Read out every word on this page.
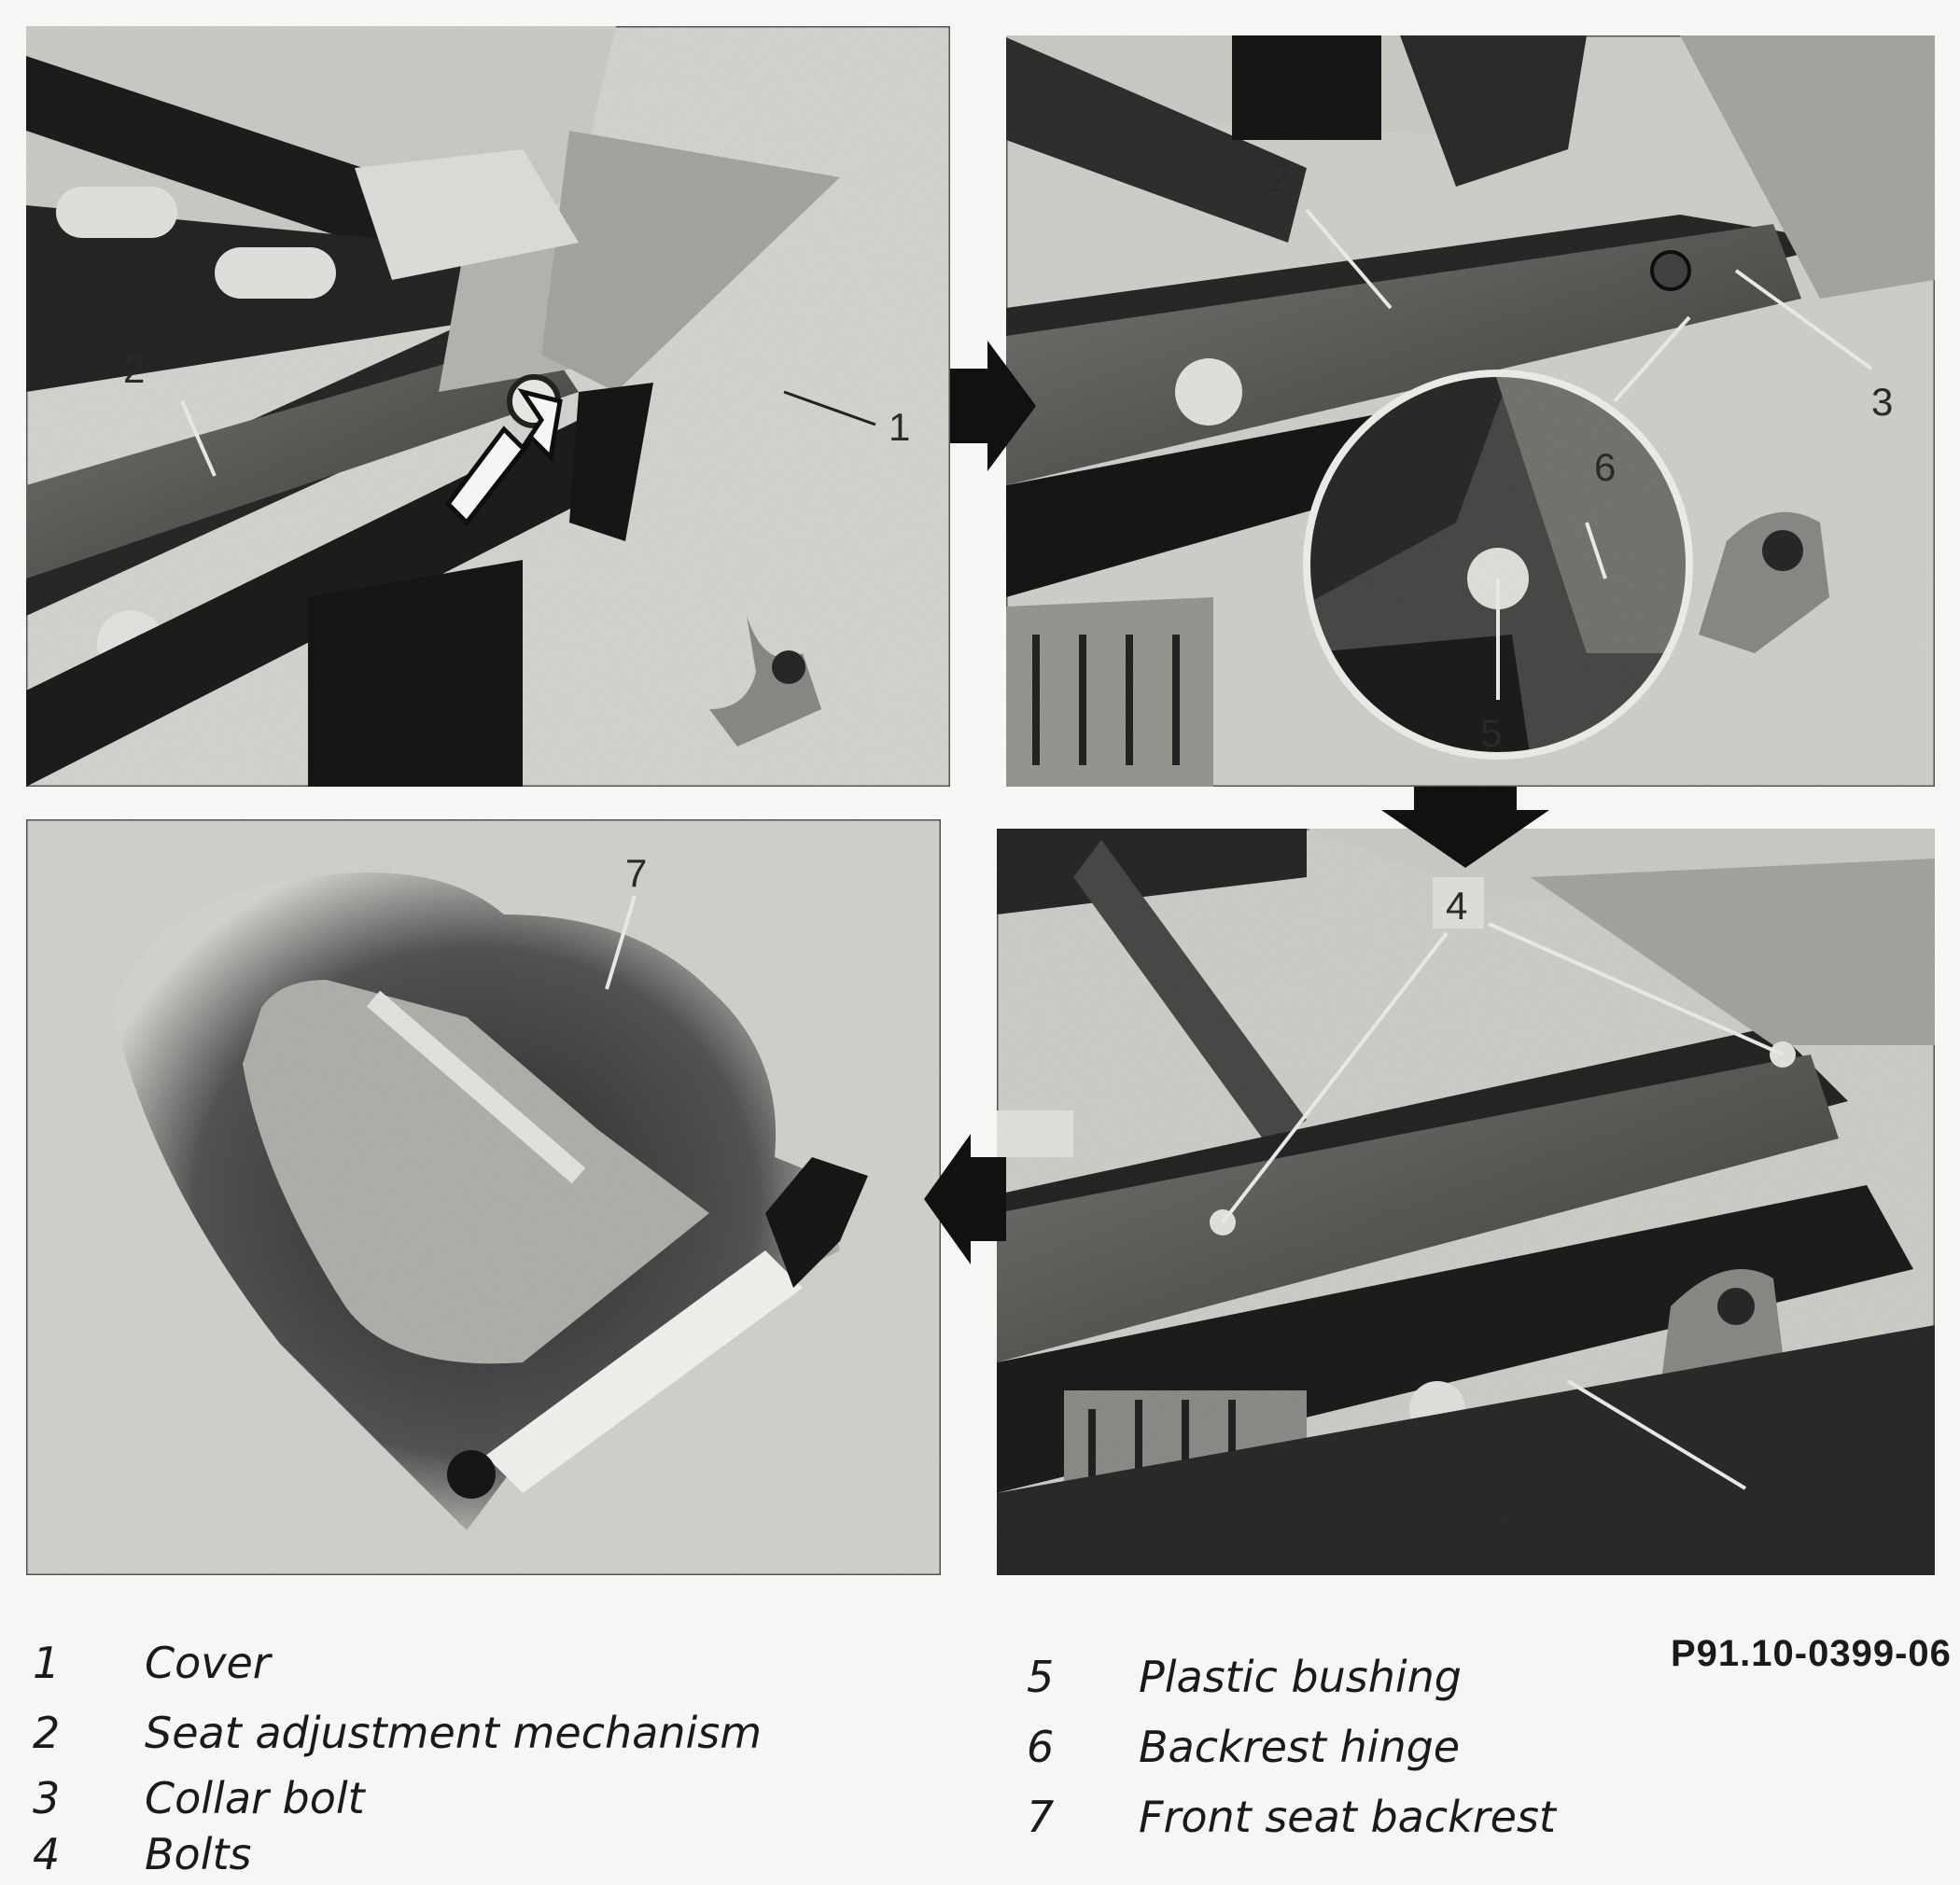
2
1
2
3
6
5
4
2
7
1	Cover
2	Seat adjustment mechanism
3	Collar bolt
4	Bolts
5	Plastic bushing
6	Backrest hinge
7	Front seat backrest
P91.10-0399-06
